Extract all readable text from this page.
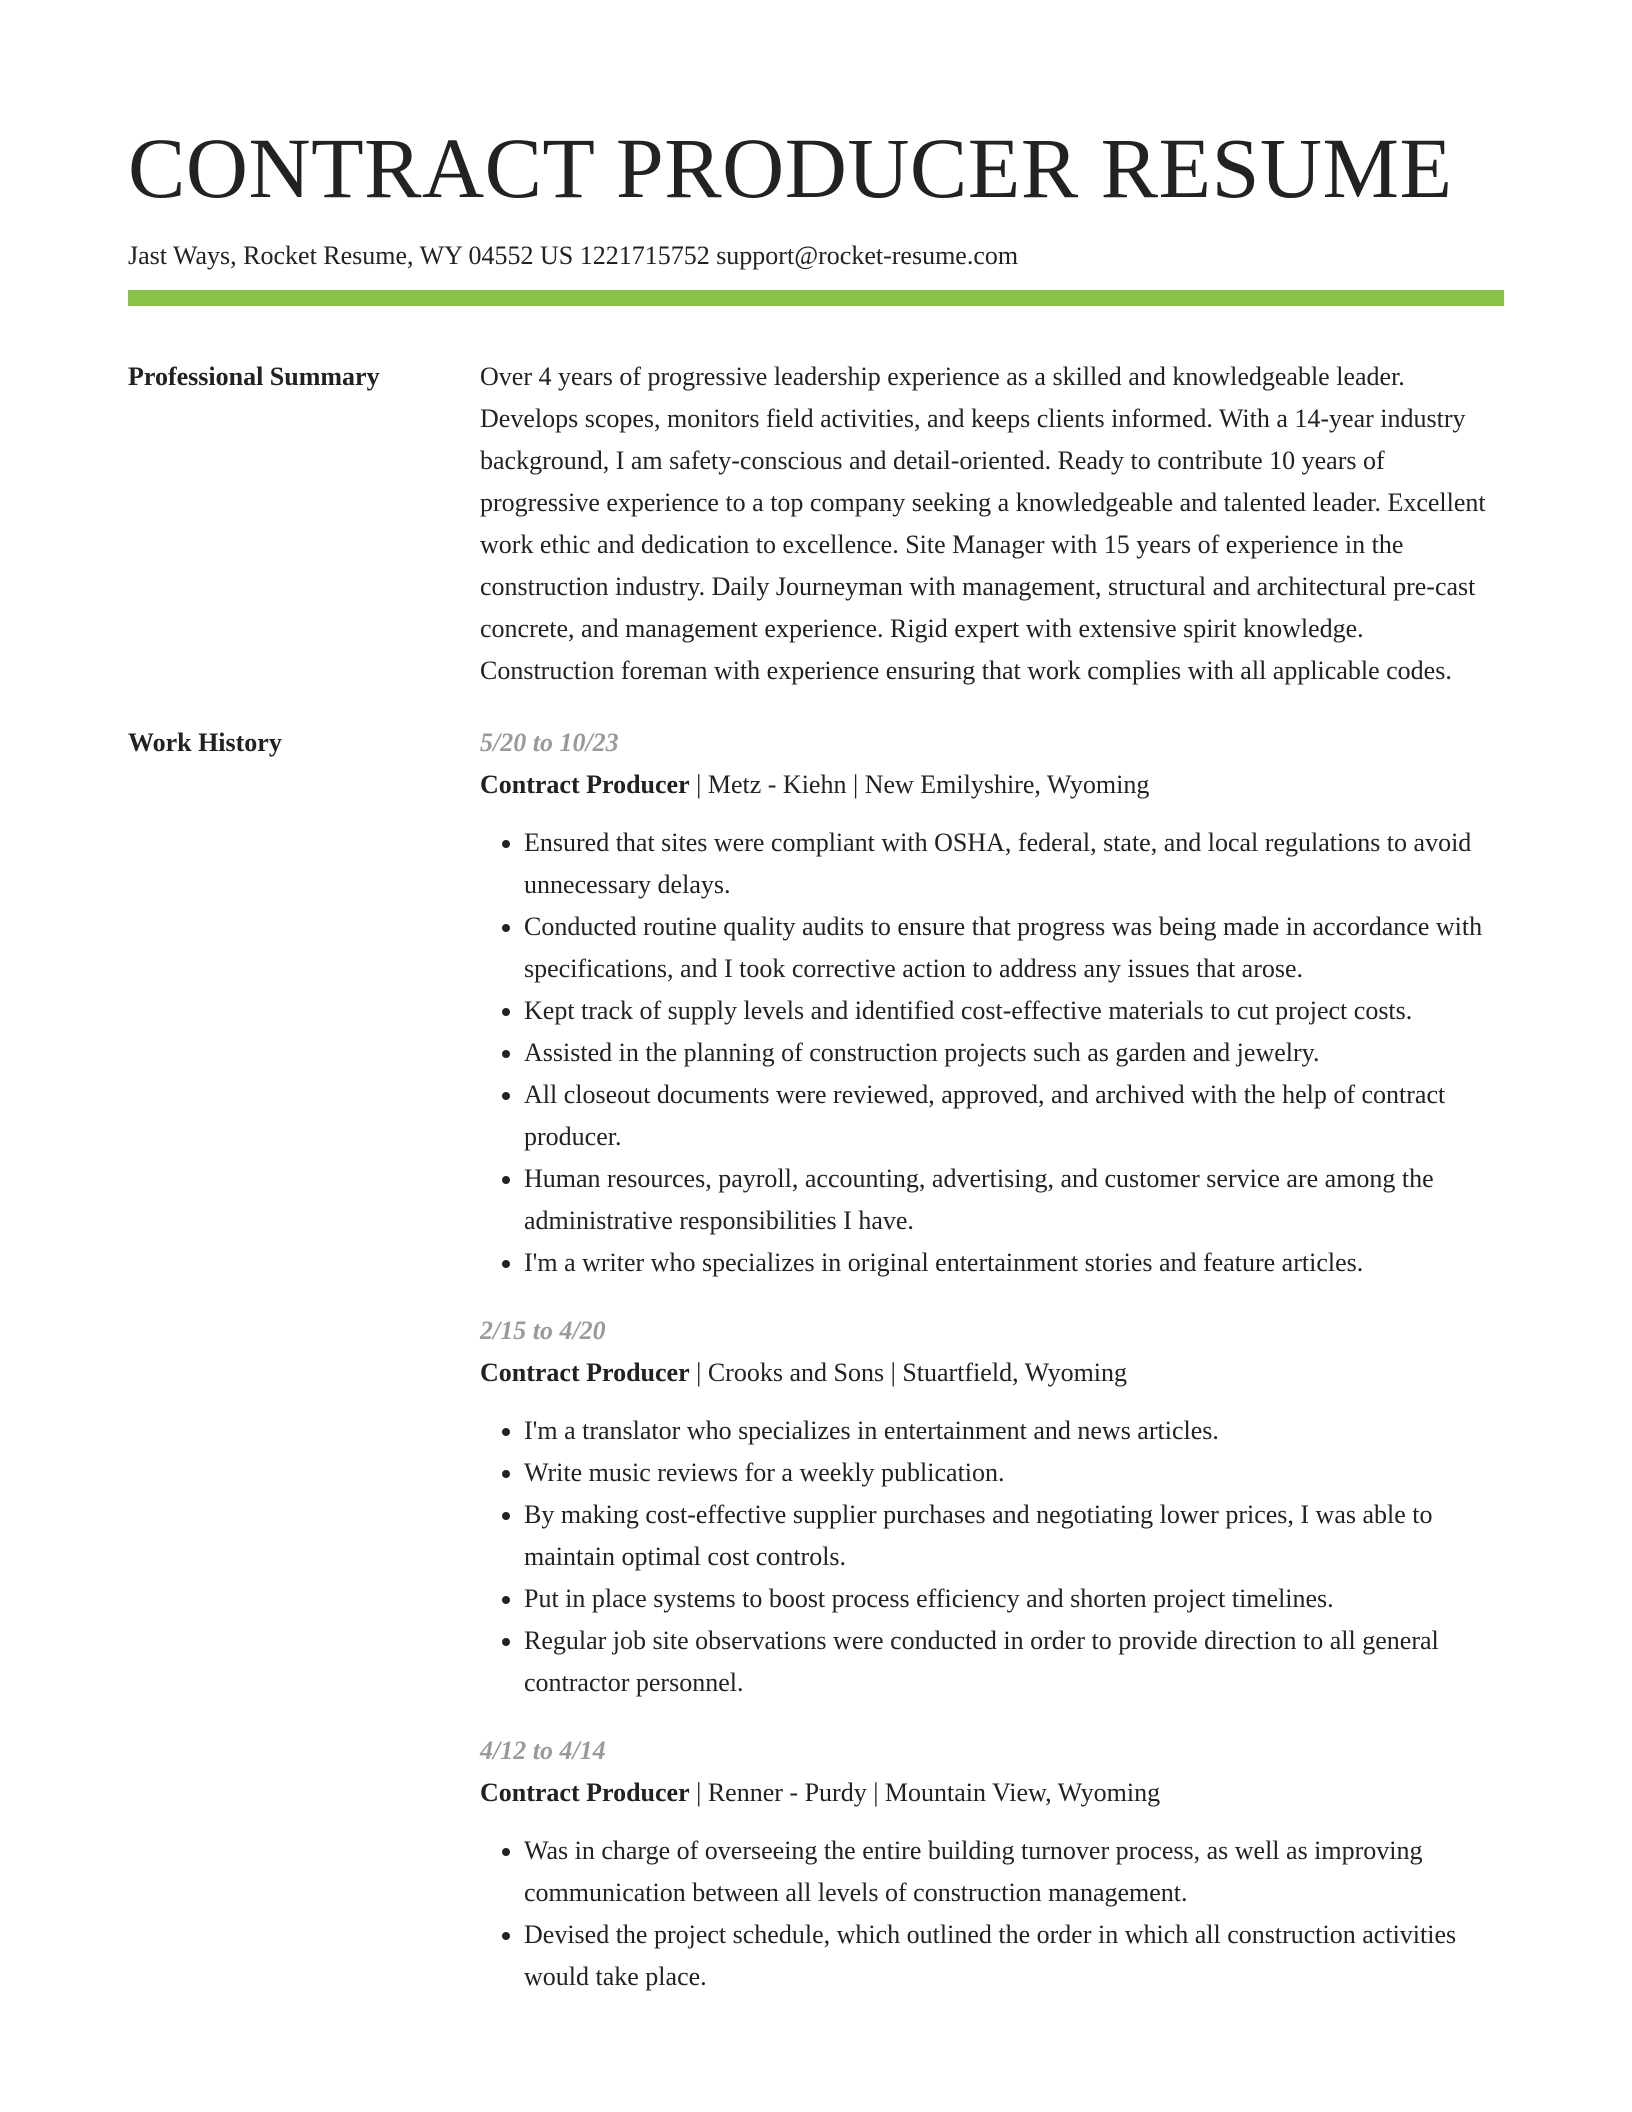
CONTRACT PRODUCER RESUME
Jast Ways, Rocket Resume, WY 04552 US 1221715752 support@rocket-resume.com
Professional Summary	Over 4 years of progressive leadership experience as a skilled and knowledgeable leader. Develops scopes, monitors field activities, and keeps clients informed. With a 14-year industry background, I am safety-conscious and detail-oriented. Ready to contribute 10 years of progressive experience to a top company seeking a knowledgeable and talented leader. Excellent work ethic and dedication to excellence. Site Manager with 15 years of experience in the construction industry. Daily Journeyman with management, structural and architectural pre-cast concrete, and management experience. Rigid expert with extensive spirit knowledge. Construction foreman with experience ensuring that work complies with all applicable codes.

Work History	5/20 to 10/23
Contract Producer | Metz - Kiehn | New Emilyshire, Wyoming
• Ensured that sites were compliant with OSHA, federal, state, and local regulations to avoid unnecessary delays.
• Conducted routine quality audits to ensure that progress was being made in accordance with specifications, and I took corrective action to address any issues that arose.
• Kept track of supply levels and identified cost-effective materials to cut project costs.
• Assisted in the planning of construction projects such as garden and jewelry.
• All closeout documents were reviewed, approved, and archived with the help of contract producer.
• Human resources, payroll, accounting, advertising, and customer service are among the administrative responsibilities I have.
• I'm a writer who specializes in original entertainment stories and feature articles.
2/15 to 4/20
Contract Producer | Crooks and Sons | Stuartfield, Wyoming
• I'm a translator who specializes in entertainment and news articles.
• Write music reviews for a weekly publication.
• By making cost-effective supplier purchases and negotiating lower prices, I was able to maintain optimal cost controls.
• Put in place systems to boost process efficiency and shorten project timelines.
• Regular job site observations were conducted in order to provide direction to all general contractor personnel.
4/12 to 4/14
Contract Producer | Renner - Purdy | Mountain View, Wyoming
• Was in charge of overseeing the entire building turnover process, as well as improving communication between all levels of construction management.
• Devised the project schedule, which outlined the order in which all construction activities would take place.
